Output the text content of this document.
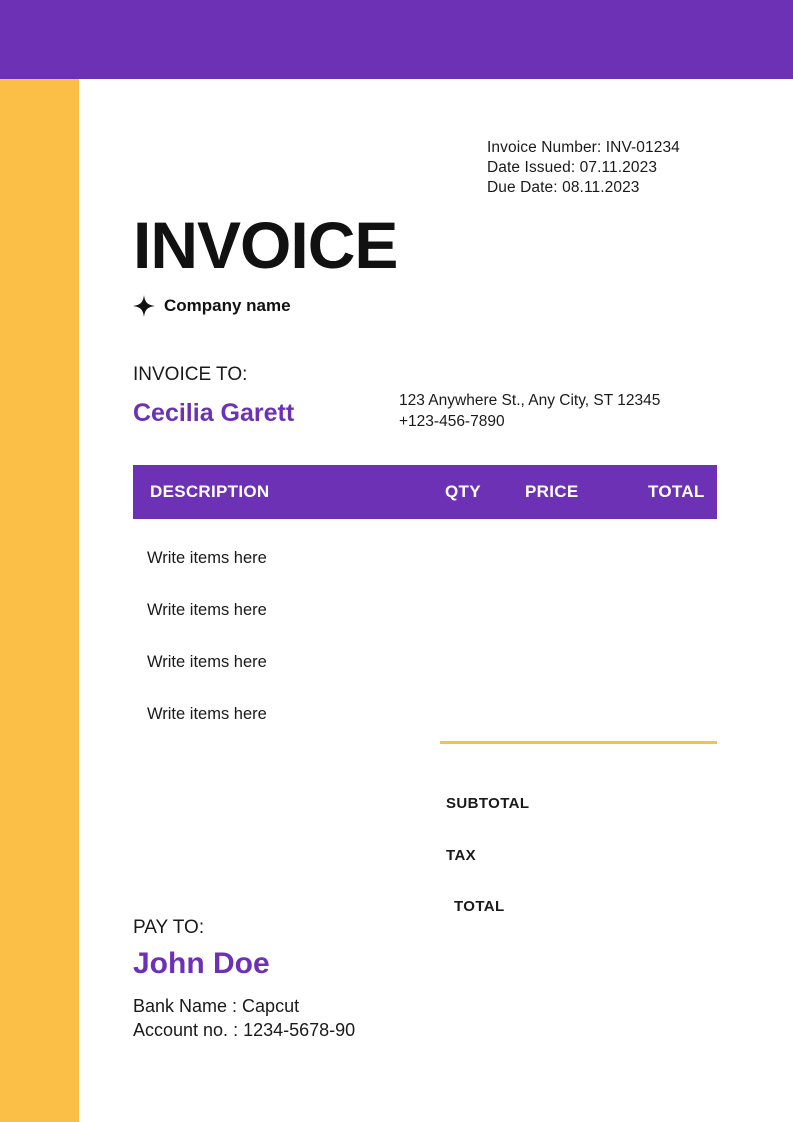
Invoice Number: INV-01234
Date Issued: 07.11.2023
Due Date: 08.11.2023
INVOICE
Company name
INVOICE TO:
Cecilia Garett	123 Anywhere St., Any City, ST 12345
+123-456-7890
DESCRIPTION	QTY	PRICE	TOTAL
Write items here
Write items here
Write items here
Write items here
SUBTOTAL
TAX
TOTAL
PAY TO:
John Doe
Bank Name : Capcut
Account no. : 1234-5678-90
